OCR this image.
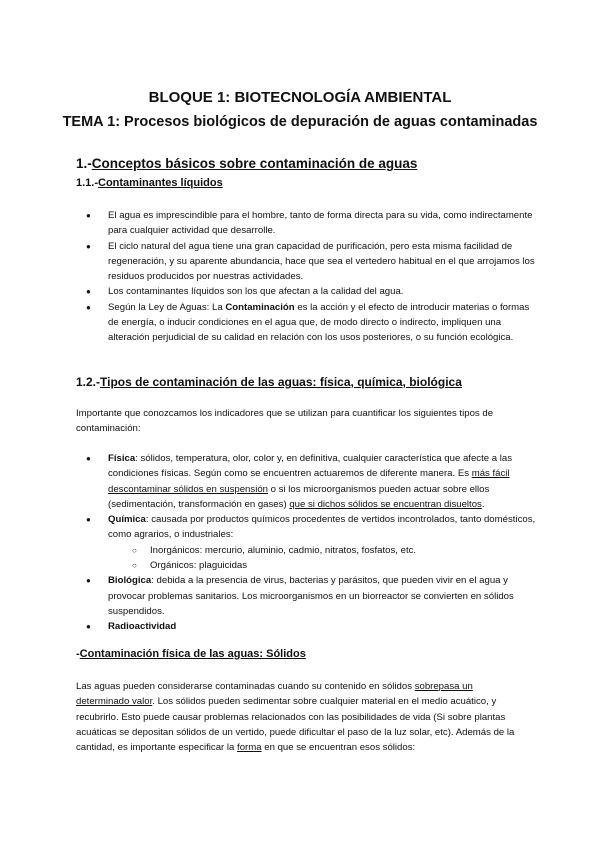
BLOQUE 1: BIOTECNOLOGÍA AMBIENTAL
TEMA 1: Procesos biológicos de depuración de aguas contaminadas
1.-Conceptos básicos sobre contaminación de aguas
1.1.-Contaminantes líquidos
● El agua es imprescindible para el hombre, tanto de forma directa para su vida, como indirectamente para cualquier actividad que desarrolle.
● El ciclo natural del agua tiene una gran capacidad de purificación, pero esta misma facilidad de regeneración, y su aparente abundancia, hace que sea el vertedero habitual en el que arrojamos los residuos producidos por nuestras actividades.
● Los contaminantes líquidos son los que afectan a la calidad del agua.
● Según la Ley de Aguas: La Contaminación es la acción y el efecto de introducir materias o formas de energía, o inducir condiciones en el agua que, de modo directo o indirecto, impliquen una alteración perjudicial de su calidad en relación con los usos posteriores, o su función ecológica.
1.2.-Tipos de contaminación de las aguas: física, química, biológica

Importante que conozcamos los indicadores que se utilizan para cuantificar los siguientes tipos de contaminación:

● Física: sólidos, temperatura, olor, color y, en definitiva, cualquier característica que afecte a las condiciones físicas. Según como se encuentren actuaremos de diferente manera. Es más fácil descontaminar sólidos en suspensión o si los microorganismos pueden actuar sobre ellos (sedimentación, transformación en gases) que si dichos sólidos se encuentran disueltos.
● Química: causada por productos químicos procedentes de vertidos incontrolados, tanto domésticos, como agrarios, o industriales:
○ Inorgánicos: mercurio, aluminio, cadmio, nitratos, fosfatos, etc.
○ Orgánicos: plaguicidas
● Biológica: debida a la presencia de virus, bacterias y parásitos, que pueden vivir en el agua y provocar problemas sanitarios. Los microorganismos en un biorreactor se convierten en sólidos suspendidos.
● Radioactividad
-Contaminación física de las aguas: Sólidos

Las aguas pueden considerarse contaminadas cuando su contenido en sólidos sobrepasa un determinado valor. Los sólidos pueden sedimentar sobre cualquier material en el medio acuático, y recubrirlo. Esto puede causar problemas relacionados con las posibilidades de vida (Si sobre plantas acuáticas se depositan sólidos de un vertido, puede dificultar el paso de la luz solar, etc). Además de la cantidad, es importante especificar la forma en que se encuentran esos sólidos:
